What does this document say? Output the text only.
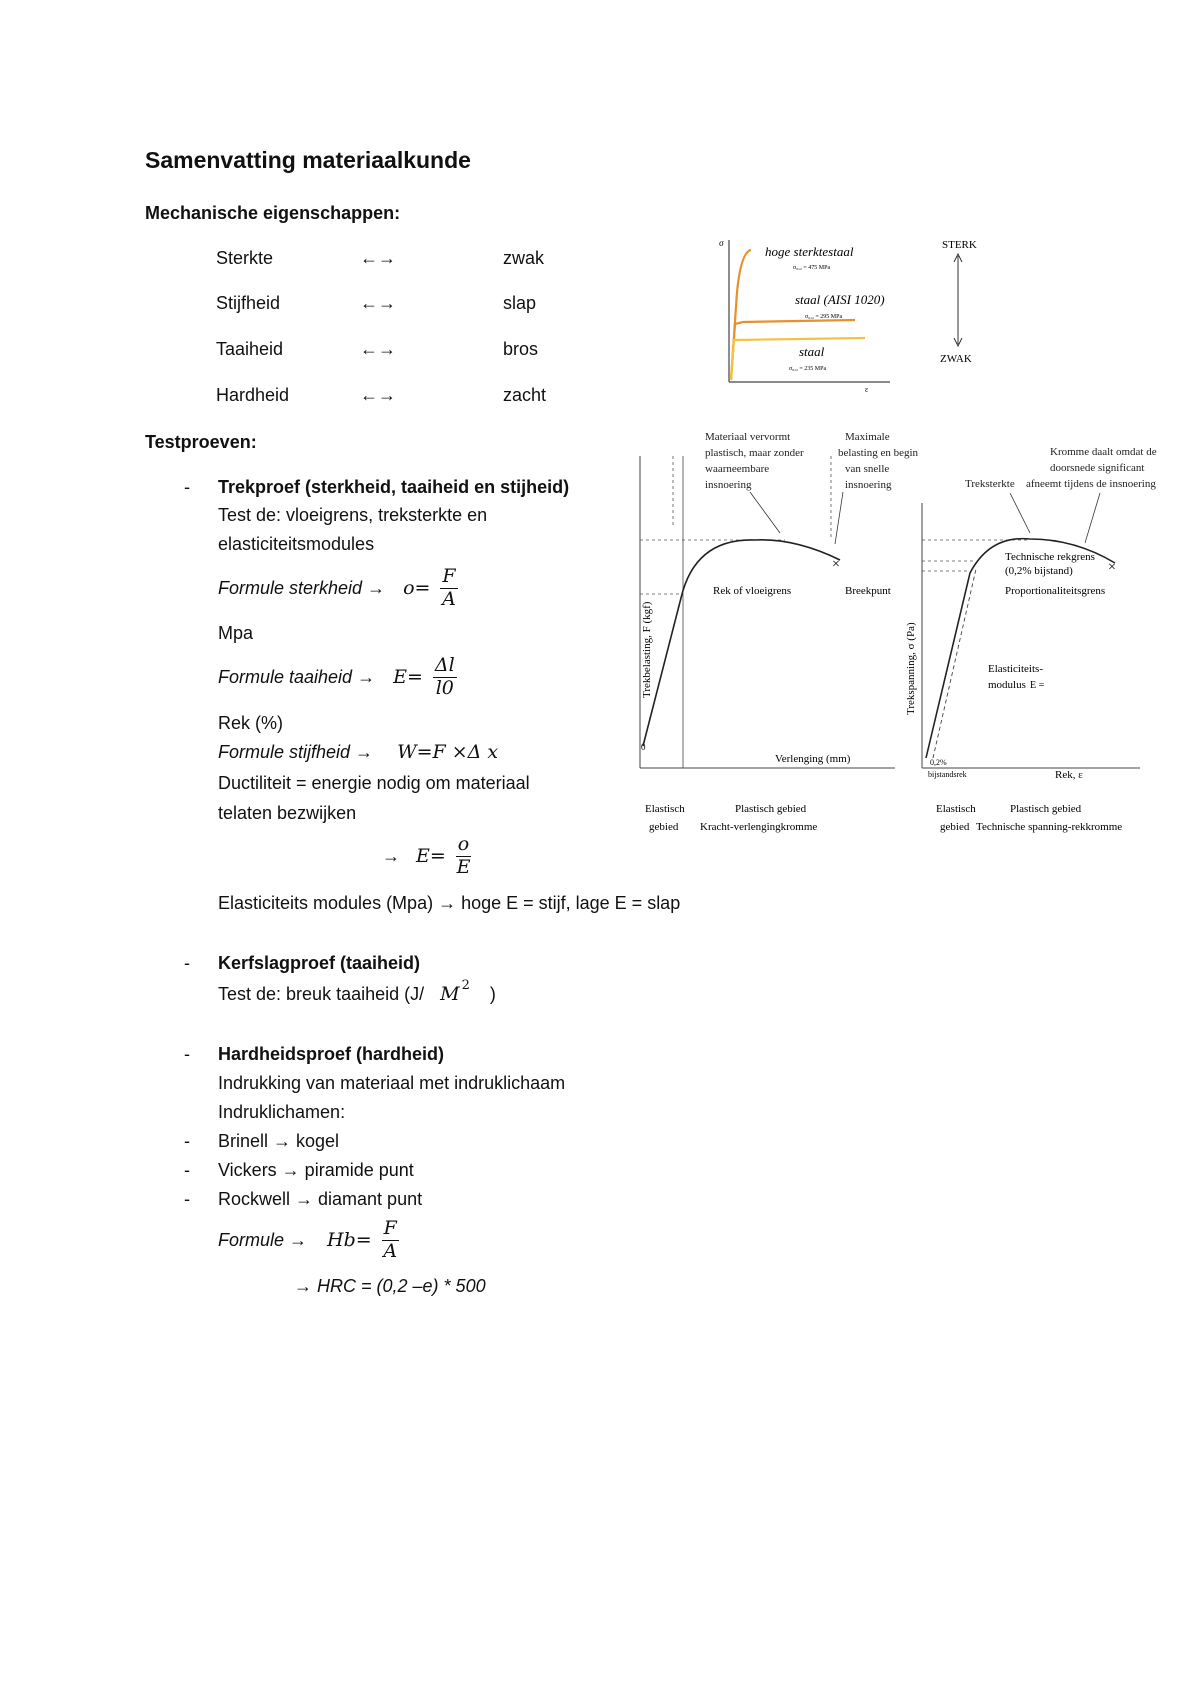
Samenvatting materiaalkunde
Mechanische eigenschappen:
Sterkte	←→	zwak
Stijfheid	←→	slap
Taaiheid	←→	bros
Hardheid	←→	zacht
Testproeven:
- Trekproef (sterkheid, taaiheid en stijheid)
Test de: vloeigrens, treksterkte en
elasticiteitsmodules
Formule sterkheid → $o= \frac{F}{A}$
Mpa
Formule taaiheid → $E= \frac{\Delta l}{l0}$
Rek (%)
Formule stijfheid → W=F ×Δ x
Ductiliteit = energie nodig om materiaal
telaten bezwijken
→ $E= \frac{o}{E}$
Elasticiteits modules (Mpa) → hoge E = stijf, lage E = slap
- Kerfslagproef (taaiheid)
Test de: breuk taaiheid (J/ M 2 )
- Hardheidsproef (hardheid)
Indrukking van materiaal met indruklichaam
Indruklichamen:
- Brinell → kogel
- Vickers → piramide punt
- Rockwell → diamant punt
Formule → $Hb= \frac{F}{A}$
→ HRC = (0,2 –e) * 500
σ
ε
hoge sterktestaal
σ₀,₂ = 475 MPa
staal (AISI 1020)
σ₀,₂ = 295 MPa
staal
σ₀,₂ = 235 MPa
STERK
ZWAK
Materiaal vervormt
plastisch, maar zonder
waarneembare
insnoering
Maximale
belasting en begin
van snelle
insnoering
×
Rek of vloeigrens	Breekpunt
0
Trekbelasting, F (kgf)
Verlenging (mm)
Elastisch
gebied
Plastisch gebied
Kracht-verlengingkromme
Kromme daalt omdat de
doorsnede significant
afneemt tijdens de insnoering
Treksterkte
×
Technische rekgrens
(0,2% bijstand)
Proportionaliteitsgrens
Elasticiteits-
modulus E =
Trekspanning, σ (Pa)
Rek, ε
0,2%
bijstandsrek
Elastisch
gebied
Plastisch gebied
Technische spanning-rekkromme
